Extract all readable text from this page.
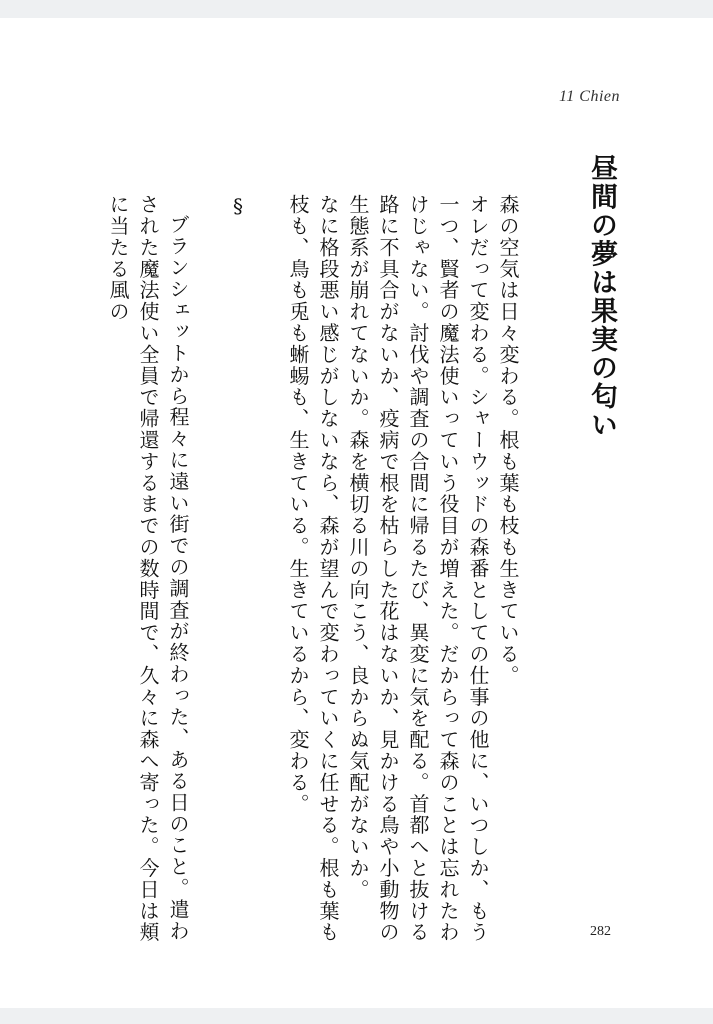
11 Chien
昼間の夢は果実の匂い

森の空気は日々変わる。根も葉も枝も生きている。

オレだって変わる。シャーウッドの森番としての仕事の他に、いつしか、もう一つ、賢者の魔法使いっていう役目が増えた。だからって森のことは忘れたわけじゃない。討伐や調査の合間に帰るたび、異変に気を配る。首都へと抜ける路に不具合がないか、疫病で根を枯らした花はないか、見かける鳥や小動物の生態系が崩れてないか。森を横切る川の向こう、良からぬ気配がないか。

なに格段悪い感じがしないなら、森が望んで変わっていくに任せる。根も葉も枝も、鳥も兎も蜥蜴も、生きている。生きているから、変わる。

§

ブランシェットから程々に遠い街での調査が終わった、ある日のこと。遣わされた魔法使い全員で帰還するまでの数時間で、久々に森へ寄った。今日は頬に当たる風の

282
